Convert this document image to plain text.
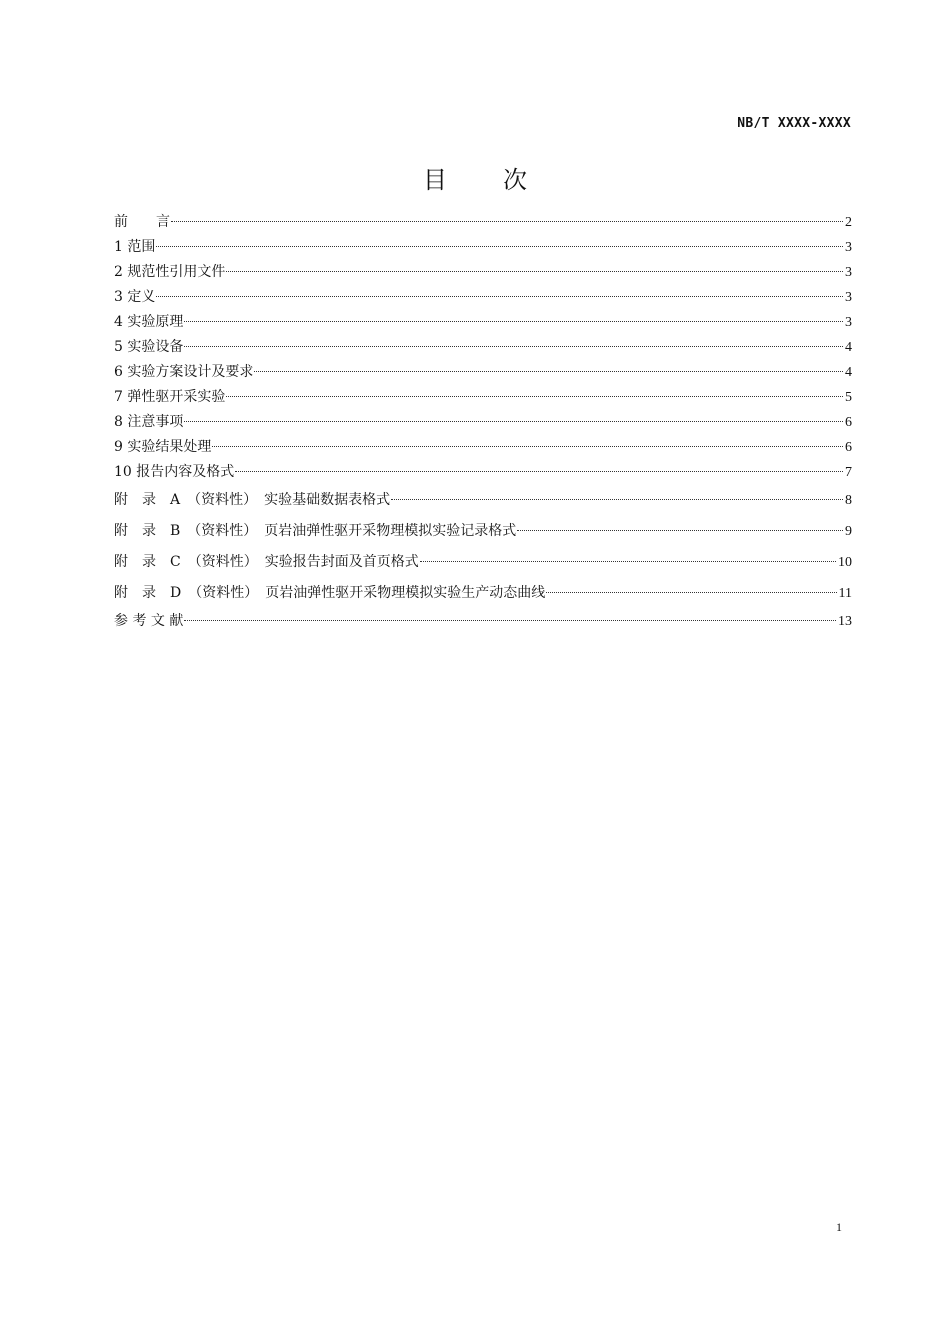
NB/T XXXX-XXXX
目 次
前　　言	2
1 范围	3
2 规范性引用文件	3
3 定义	3
4 实验原理	3
5 实验设备	4
6 实验方案设计及要求	4
7 弹性驱开采实验	5
8 注意事项	6
9 实验结果处理	6
10 报告内容及格式	7
附　录　A　（资料性）　实验基础数据表格式	8
附　录　B　（资料性）　页岩油弹性驱开采物理模拟实验记录格式	9
附　录　C　（资料性）　实验报告封面及首页格式	10
附　录　D　（资料性）　页岩油弹性驱开采物理模拟实验生产动态曲线	11
参 考 文 献	13
1
